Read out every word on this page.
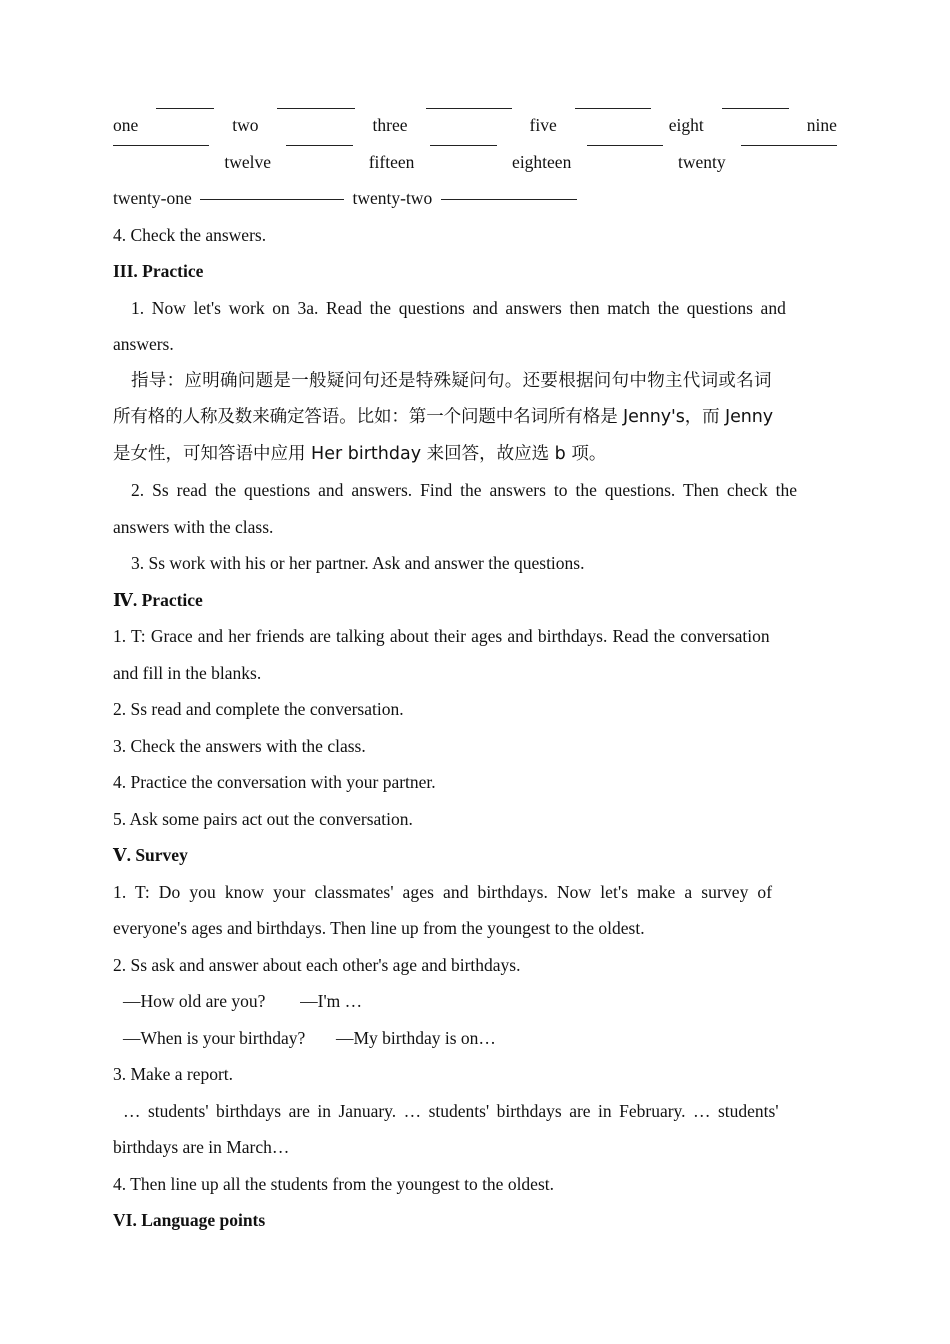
one	two	three	five	eight	nine
twelve	fifteen	eighteen	twenty
twenty-one	twenty-two
4. Check the answers.
III. Practice
1. Now let's work on 3a. Read the questions and answers then match the questions and
answers.
指导：应明确问题是一般疑问句还是特殊疑问句。还要根据问句中物主代词或名词
所有格的人称及数来确定答语。比如：第一个问题中名词所有格是 Jenny's，而 Jenny
是女性，可知答语中应用 Her birthday 来回答，故应选 b 项。
2. Ss read the questions and answers. Find the answers to the questions. Then check the
answers with the class.
3. Ss work with his or her partner. Ask and answer the questions.
Ⅳ. Practice
1. T: Grace and her friends are talking about their ages and birthdays. Read the conversation
and fill in the blanks.
2. Ss read and complete the conversation.
3. Check the answers with the class.
4. Practice the conversation with your partner.
5. Ask some pairs act out the conversation.
Ⅴ. Survey
1.  T:  Do  you  know  your  classmates'  ages  and  birthdays.  Now  let's  make  a  survey  of
everyone's ages and birthdays. Then line up from the youngest to the oldest.
2. Ss ask and answer about each other's age and birthdays.
—How old are you? —I'm …
—When is your birthday? —My birthday is on…
3. Make a report.
… students' birthdays are in January. … students' birthdays are in February. … students'
birthdays are in March…
4. Then line up all the students from the youngest to the oldest.
VI. Language points
